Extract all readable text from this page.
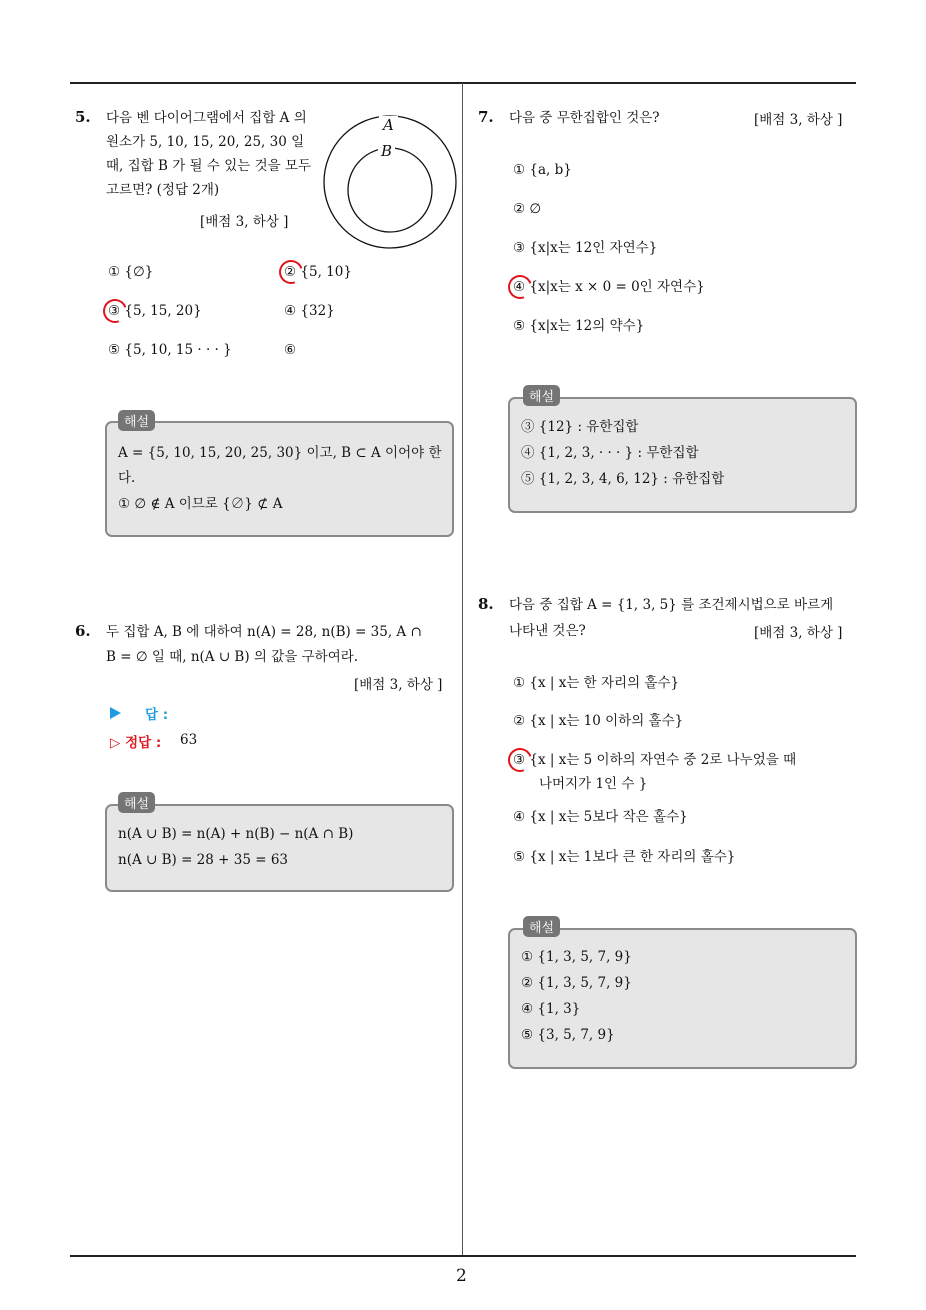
2
5. 다음 벤 다이어그램에서 집합 A 의 원소가 5, 10, 15, 20, 25, 30 일 때, 집합 B 가 될 수 있는 것을 모두 고르면? (정답 2개)
[배점 3, 하상 ]
A
B
① {∅}	② {5, 10}
③ {5, 15, 20}	④ {32}
⑤ {5, 10, 15 · · · }	⑥
해설
A = {5, 10, 15, 20, 25, 30} 이고, B ⊂ A 이어야 한
다.
① ∅ ∉ A 이므로 {∅} ⊄ A
6. 두 집합 A, B 에 대하여 n(A) = 28, n(B) = 35, A ∩
B = ∅ 일 때, n(A ∪ B) 의 값을 구하여라.
[배점 3, 하상 ]
답 :
▷ 정답 : 63
해설
n(A ∪ B) = n(A) + n(B) − n(A ∩ B)
n(A ∪ B) = 28 + 35 = 63
7. 다음 중 무한집합인 것은?	[배점 3, 하상 ]
① {a, b}
② ∅
③ {x|x는 12인 자연수}
④ {x|x는 x × 0 = 0인 자연수}
⑤ {x|x는 12의 약수}
해설
③ {12} : 유한집합
④ {1, 2, 3, · · · } : 무한집합
⑤ {1, 2, 3, 4, 6, 12} : 유한집합
8. 다음 중 집합 A = {1, 3, 5} 를 조건제시법으로 바르게
나타낸 것은?	[배점 3, 하상 ]
① {x | x는 한 자리의 홀수}
② {x | x는 10 이하의 홀수}
③ {x | x는 5 이하의 자연수 중 2로 나누었을 때
나머지가 1인 수 }
④ {x | x는 5보다 작은 홀수}
⑤ {x | x는 1보다 큰 한 자리의 홀수}
해설
① {1, 3, 5, 7, 9}
② {1, 3, 5, 7, 9}
④ {1, 3}
⑤ {3, 5, 7, 9}
